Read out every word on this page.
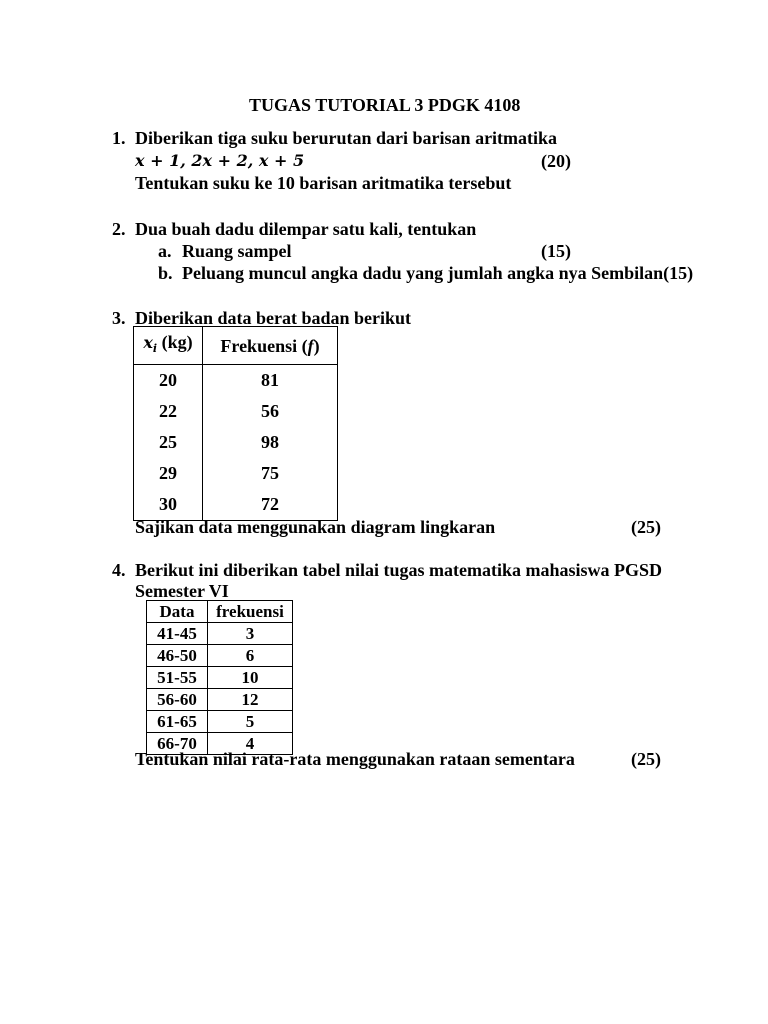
TUGAS TUTORIAL 3 PDGK 4108
1. Diberikan tiga suku berurutan dari barisan aritmatika
x + 1, 2x + 2, x + 5	(20)
Tentukan suku ke 10 barisan aritmatika tersebut
2. Dua buah dadu dilempar satu kali, tentukan
a. Ruang sampel	(15)
b. Peluang muncul angka dadu yang jumlah angka nya Sembilan(15)
3. Diberikan data berat badan berikut
$x_i$ (kg)	Frekuensi (f)
20	81
22	56
25	98
29	75
30	72
Sajikan data menggunakan diagram lingkaran	(25)
4. Berikut ini diberikan tabel nilai tugas matematika mahasiswa PGSD
Semester VI
Data	frekuensi
41-45	3
46-50	6
51-55	10
56-60	12
61-65	5
66-70	4
Tentukan nilai rata-rata menggunakan rataan sementara	(25)
